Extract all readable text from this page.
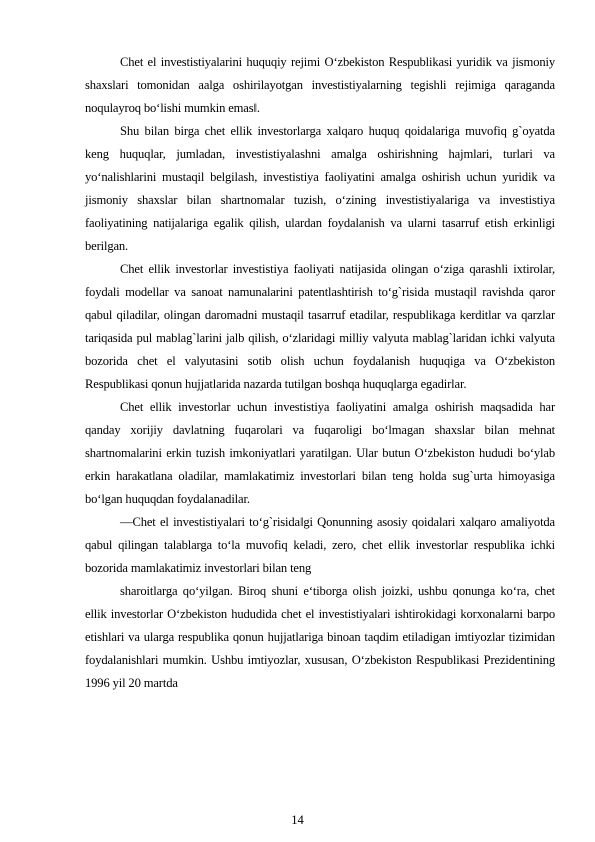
Chet el investistiyalarini huquqiy rejimi O‘zbekiston Respublikasi yuridik va jismoniy shaxslari tomonidan aalga oshirilayotgan investistiyalarning tegishli rejimiga qaraganda noqulayroq bo‘lishi mumkin emas‖.

Shu bilan birga chet ellik investorlarga xalqaro huquq qoidalariga muvofiq g`oyatda keng huquqlar, jumladan, investistiyalashni amalga oshirishning hajmlari, turlari va yo‘nalishlarini mustaqil belgilash, investistiya faoliyatini amalga oshirish uchun yuridik va jismoniy shaxslar bilan shartnomalar tuzish, o‘zining investistiyalariga va investistiya faoliyatining natijalariga egalik qilish, ulardan foydalanish va ularni tasarruf etish erkinligi berilgan.

Chet ellik investorlar investistiya faoliyati natijasida olingan o‘ziga qarashli ixtirolar, foydali modellar va sanoat namunalarini patentlashtirish to‘g`risida mustaqil ravishda qaror qabul qiladilar, olingan daromadni mustaqil tasarruf etadilar, respublikaga kerditlar va qarzlar tariqasida pul mablag`larini jalb qilish, o‘zlaridagi milliy valyuta mablag`laridan ichki valyuta bozorida chet el valyutasini sotib olish uchun foydalanish huquqiga va O‘zbekiston Respublikasi qonun hujjatlarida nazarda tutilgan boshqa huquqlarga egadirlar.

Chet ellik investorlar uchun investistiya faoliyatini amalga oshirish maqsadida har qanday xorijiy davlatning fuqarolari va fuqaroligi bo‘lmagan shaxslar bilan mehnat shartnomalarini erkin tuzish imkoniyatlari yaratilgan. Ular butun O‘zbekiston hududi bo‘ylab erkin harakatlana oladilar, mamlakatimiz investorlari bilan teng holda sug`urta himoyasiga bo‘lgan huquqdan foydalanadilar.

―Chet el investistiyalari to‘g`risida‖gi Qonunning asosiy qoidalari xalqaro amaliyotda qabul qilingan talablarga to‘la muvofiq keladi, zero, chet ellik investorlar respublika ichki bozorida mamlakatimiz investorlari bilan teng

sharoitlarga qo‘yilgan. Biroq shuni e‘tiborga olish joizki, ushbu qonunga ko‘ra, chet ellik investorlar O‘zbekiston hududida chet el investistiyalari ishtirokidagi korxonalarni barpo etishlari va ularga respublika qonun hujjatlariga binoan taqdim etiladigan imtiyozlar tizimidan foydalanishlari mumkin. Ushbu imtiyozlar, xususan, O‘zbekiston Respublikasi Prezidentining 1996 yil 20 martda

14
